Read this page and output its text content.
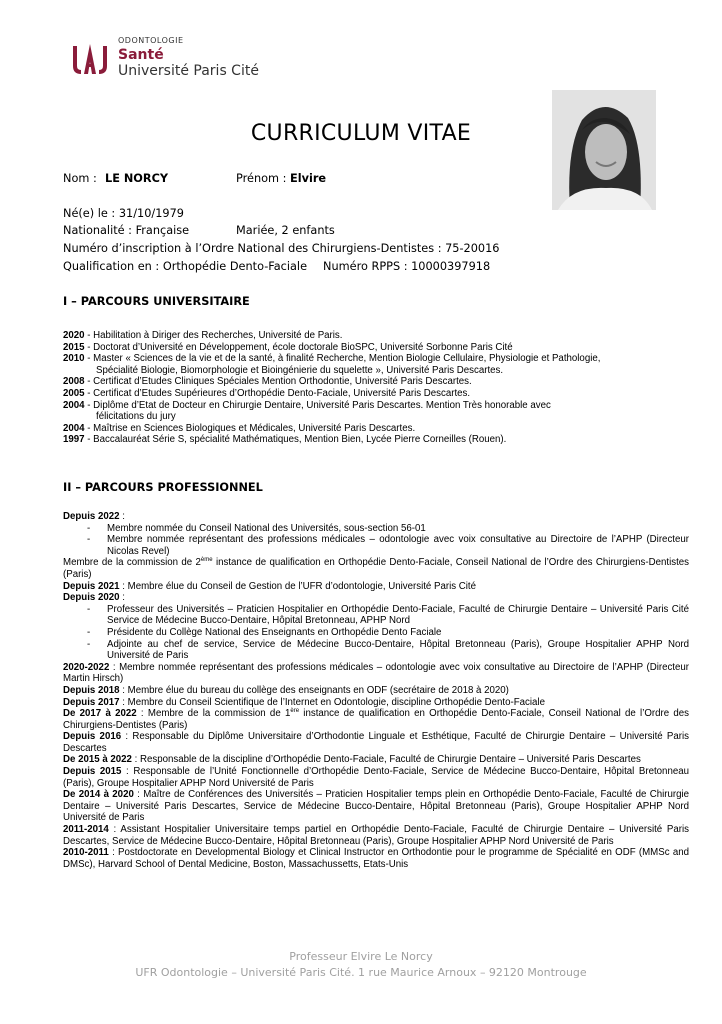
ODONTOLOGIE
Santé
Université Paris Cité
CURRICULUM VITAE
Nom : LE NORCY	Prénom : Elvire
Né(e) le : 31/10/1979
Nationalité : Française	Mariée, 2 enfants
Numéro d’inscription à l’Ordre National des Chirurgiens-Dentistes : 75-20016
Qualification en : Orthopédie Dento-Faciale Numéro RPPS : 10000397918
I – PARCOURS UNIVERSITAIRE

2020 - Habilitation à Diriger des Recherches, Université de Paris.

2015 - Doctorat d’Université en Développement, école doctorale BioSPC, Université Sorbonne Paris Cité

2010 - Master « Sciences de la vie et de la santé, à finalité Recherche, Mention Biologie Cellulaire, Physiologie et Pathologie,

Spécialité Biologie, Biomorphologie et Bioingénierie du squelette », Université Paris Descartes.

2008 - Certificat d’Etudes Cliniques Spéciales Mention Orthodontie, Université Paris Descartes.

2005 - Certificat d’Etudes Supérieures d’Orthopédie Dento-Faciale, Université Paris Descartes.

2004 - Diplôme d’Etat de Docteur en Chirurgie Dentaire, Université Paris Descartes. Mention Très honorable avec

félicitations du jury

2004 - Maîtrise en Sciences Biologiques et Médicales, Université Paris Descartes.

1997 - Baccalauréat Série S, spécialité Mathématiques, Mention Bien, Lycée Pierre Corneilles (Rouen).

II – PARCOURS PROFESSIONNEL

Depuis 2022 :

- Membre nommée du Conseil National des Universités, sous-section 56-01

- Membre nommée représentant des professions médicales – odontologie avec voix consultative au Directoire de l’APHP (Directeur Nicolas Revel)

Membre de la commission de 2ème instance de qualification en Orthopédie Dento-Faciale, Conseil National de l’Ordre des Chirurgiens-Dentistes (Paris)

Depuis 2021 : Membre élue du Conseil de Gestion de l’UFR d’odontologie, Université Paris Cité

Depuis 2020 :

- Professeur des Universités – Praticien Hospitalier en Orthopédie Dento-Faciale, Faculté de Chirurgie Dentaire – Université Paris Cité Service de Médecine Bucco-Dentaire, Hôpital Bretonneau, APHP Nord

- Présidente du Collège National des Enseignants en Orthopédie Dento Faciale

- Adjointe au chef de service, Service de Médecine Bucco-Dentaire, Hôpital Bretonneau (Paris), Groupe Hospitalier APHP Nord Université de Paris

2020-2022 : Membre nommée représentant des professions médicales – odontologie avec voix consultative au Directoire de l’APHP (Directeur Martin Hirsch)

Depuis 2018 : Membre élue du bureau du collège des enseignants en ODF (secrétaire de 2018 à 2020)

Depuis 2017 : Membre du Conseil Scientifique de l’Internet en Odontologie, discipline Orthopédie Dento-Faciale

De 2017 à 2022 : Membre de la commission de 1ère instance de qualification en Orthopédie Dento-Faciale, Conseil National de l’Ordre des Chirurgiens-Dentistes (Paris)

Depuis 2016 : Responsable du Diplôme Universitaire d’Orthodontie Linguale et Esthétique, Faculté de Chirurgie Dentaire – Université Paris Descartes

De 2015 à 2022 : Responsable de la discipline d’Orthopédie Dento-Faciale, Faculté de Chirurgie Dentaire – Université Paris Descartes

Depuis 2015 : Responsable de l’Unité Fonctionnelle d’Orthopédie Dento-Faciale, Service de Médecine Bucco-Dentaire, Hôpital Bretonneau (Paris), Groupe Hospitalier APHP Nord Université de Paris

De 2014 à 2020 : Maître de Conférences des Universités – Praticien Hospitalier temps plein en Orthopédie Dento-Faciale, Faculté de Chirurgie Dentaire – Université Paris Descartes, Service de Médecine Bucco-Dentaire, Hôpital Bretonneau (Paris), Groupe Hospitalier APHP Nord Université de Paris

2011-2014 : Assistant Hospitalier Universitaire temps partiel en Orthopédie Dento-Faciale, Faculté de Chirurgie Dentaire – Université Paris Descartes, Service de Médecine Bucco-Dentaire, Hôpital Bretonneau (Paris), Groupe Hospitalier APHP Nord Université de Paris

2010-2011 : Postdoctorate en Developmental Biology et Clinical Instructor en Orthodontie pour le programme de Spécialité en ODF (MMSc and DMSc), Harvard School of Dental Medicine, Boston, Massachussetts, Etats-Unis

Professeur Elvire Le Norcy
UFR Odontologie – Université Paris Cité. 1 rue Maurice Arnoux – 92120 Montrouge
